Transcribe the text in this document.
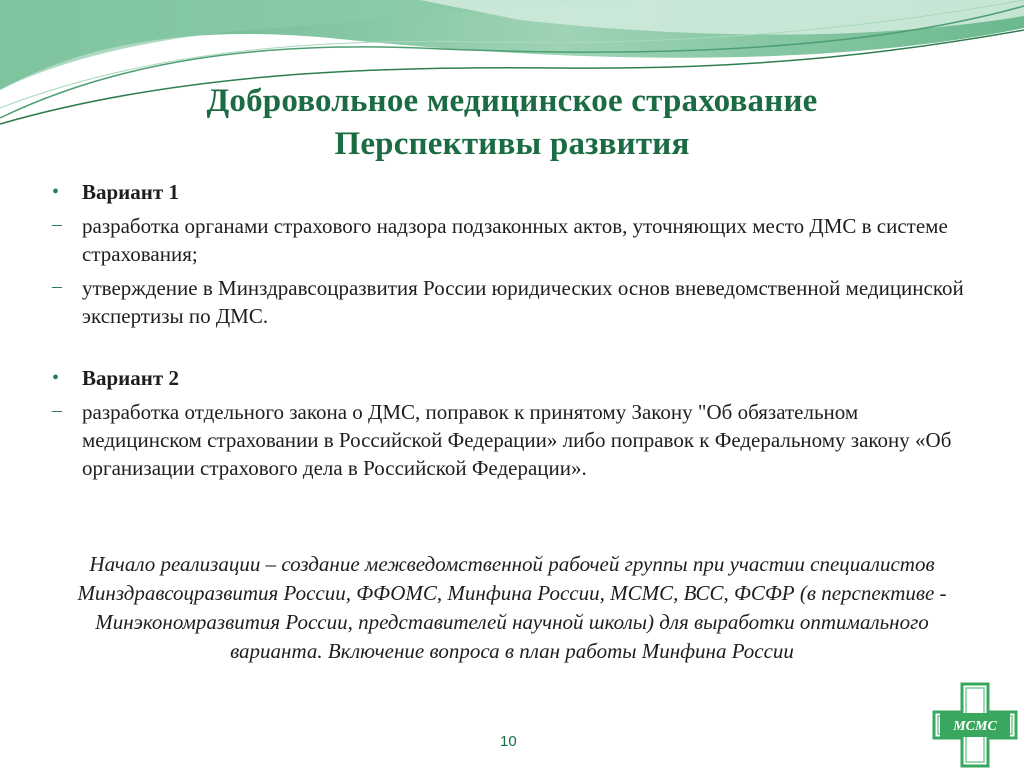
Добровольное медицинское страхование
Перспективы развития
• Вариант 1
– разработка органами страхового надзора подзаконных актов, уточняющих место ДМС в системе страхования;
– утверждение в Минздравсоцразвития России юридических основ вневедомственной медицинской экспертизы по ДМС.
• Вариант 2
– разработка отдельного закона о ДМС, поправок к принятому Закону "Об обязательном медицинском страховании в Российской Федерации» либо поправок к Федеральному закону «Об организации страхового дела в Российской Федерации».
Начало реализации – создание межведомственной рабочей группы при участии специалистов Минздравсоцразвития России, ФФОМС, Минфина России, МСМС, ВСС, ФСФР (в перспективе - Минэкономразвития России, представителей научной школы) для выработки оптимального варианта. Включение вопроса в план работы Минфина России
10
МСМС
